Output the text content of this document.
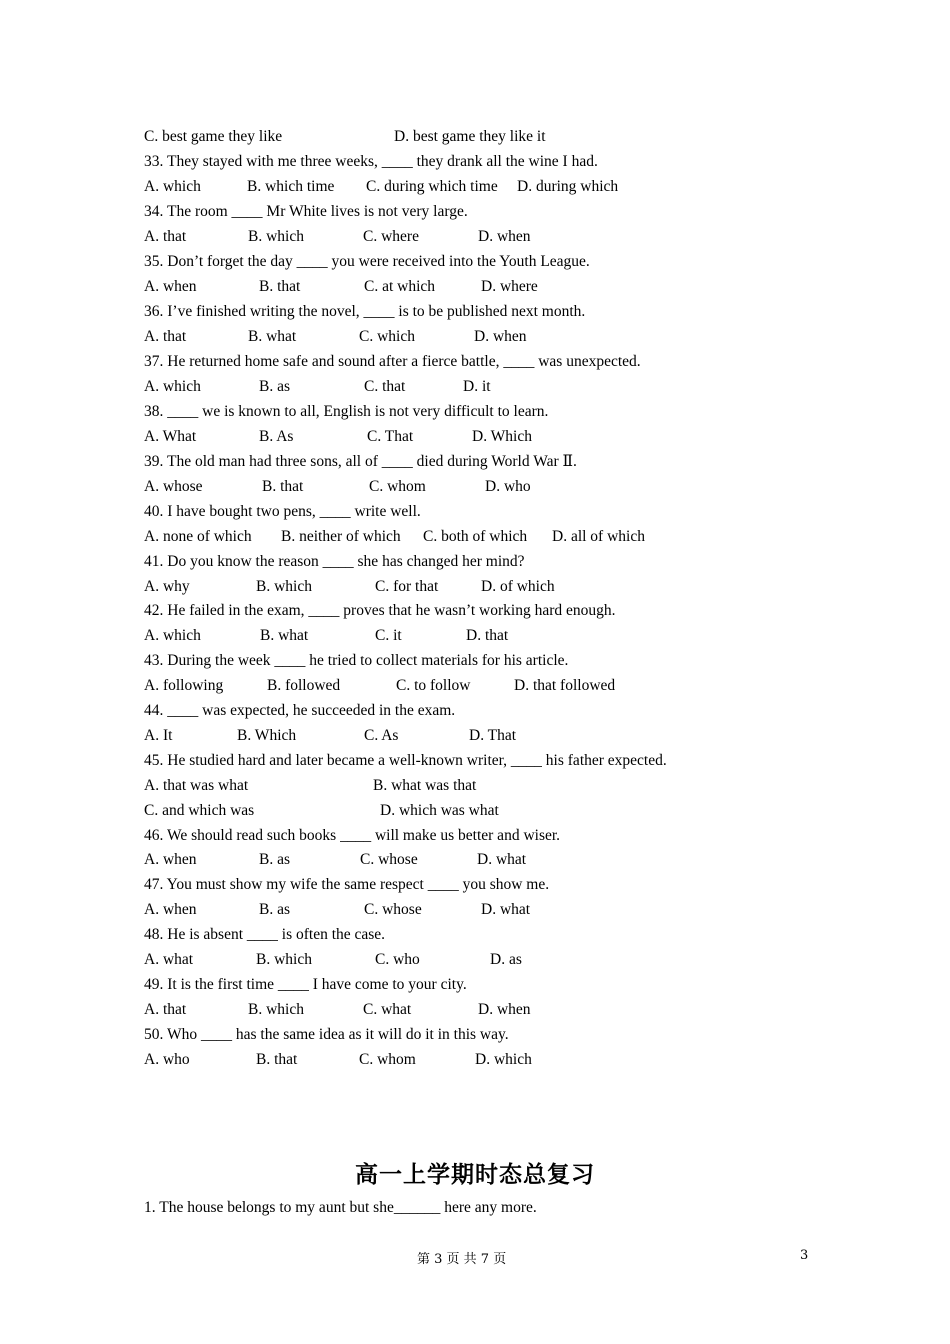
C. best game they like	D. best game they like it
33. They stayed with me three weeks, ____ they drank all the wine I had.
A. which	B. which time C. during which time D. during which
34. The room ____ Mr White lives is not very large.
A. that	B. which	C. where	D. when
35. Don’t forget the day ____ you were received into the Youth League.
A. when	B. that	C. at which	D. where
36. I’ve finished writing the novel, ____ is to be published next month.
A. that	B. what	C. which	D. when
37. He returned home safe and sound after a fierce battle, ____ was unexpected.
A. which	B. as	C. that	D. it
38. ____ we is known to all, English is not very difficult to learn.
A. What	B. As	C. That	D. Which
39. The old man had three sons, all of ____ died during World War Ⅱ.
A. whose	B. that	C. whom	D. who
40. I have bought two pens, ____ write well.
A. none of which B. neither of which C. both of which D. all of which
41. Do you know the reason ____ she has changed her mind?
A. why	B. which	C. for that	D. of which
42. He failed in the exam, ____ proves that he wasn’t working hard enough.
A. which	B. what	C. it	D. that
43. During the week ____ he tried to collect materials for his article.
A. following	B. followed	C. to follow	D. that followed
44. ____ was expected, he succeeded in the exam.
A. It	B. Which	C. As	D. That
45. He studied hard and later became a well-known writer, ____ his father expected.
A. that was what	B. what was that
C. and which was	D. which was what
46. We should read such books ____ will make us better and wiser.
A. when	B. as	C. whose	D. what
47. You must show my wife the same respect ____ you show me.
A. when	B. as	C. whose	D. what
48. He is absent ____ is often the case.
A. what	B. which	C. who	D. as
49. It is the first time ____ I have come to your city.
A. that	B. which	C. what	D. when
50. Who ____ has the same idea as it will do it in this way.
A. who	B. that	C. whom	D. which
高一上学期时态总复习
1. The house belongs to my aunt but she______ here any more.
第 3 页 共 7 页	3
